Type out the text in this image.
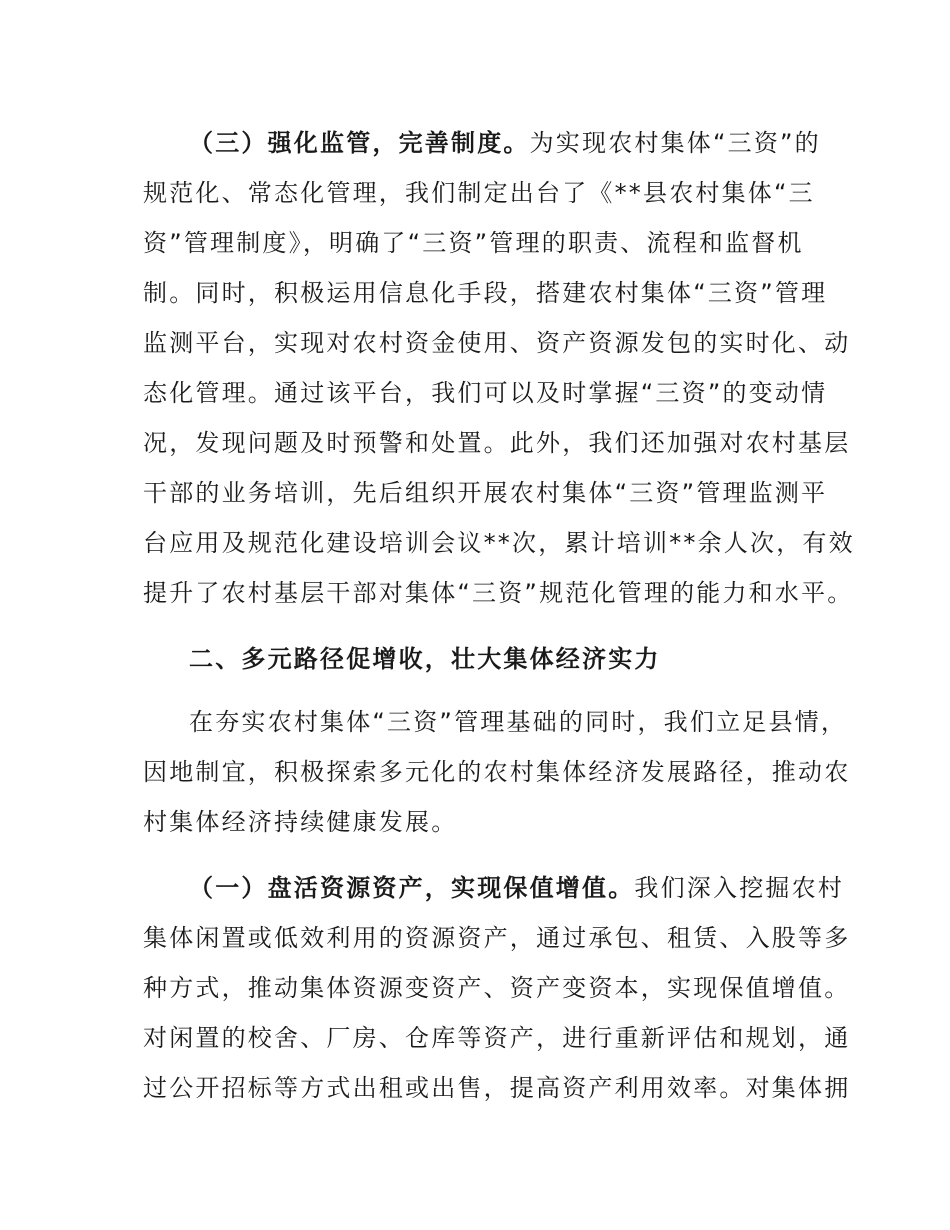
（三）强化监管，完善制度。为实现农村集体“三资”的
规范化、常态化管理，我们制定出台了《**县农村集体“三
资”管理制度》，明确了“三资”管理的职责、流程和监督机
制。同时，积极运用信息化手段，搭建农村集体“三资”管理
监测平台，实现对农村资金使用、资产资源发包的实时化、动
态化管理。通过该平台，我们可以及时掌握“三资”的变动情
况，发现问题及时预警和处置。此外，我们还加强对农村基层
干部的业务培训，先后组织开展农村集体“三资”管理监测平
台应用及规范化建设培训会议**次，累计培训**余人次，有效
提升了农村基层干部对集体“三资”规范化管理的能力和水平。
二、多元路径促增收，壮大集体经济实力
在夯实农村集体“三资”管理基础的同时，我们立足县情，
因地制宜，积极探索多元化的农村集体经济发展路径，推动农
村集体经济持续健康发展。
（一）盘活资源资产，实现保值增值。我们深入挖掘农村
集体闲置或低效利用的资源资产，通过承包、租赁、入股等多
种方式，推动集体资源变资产、资产变资本，实现保值增值。
对闲置的校舍、厂房、仓库等资产，进行重新评估和规划，通
过公开招标等方式出租或出售，提高资产利用效率。对集体拥
